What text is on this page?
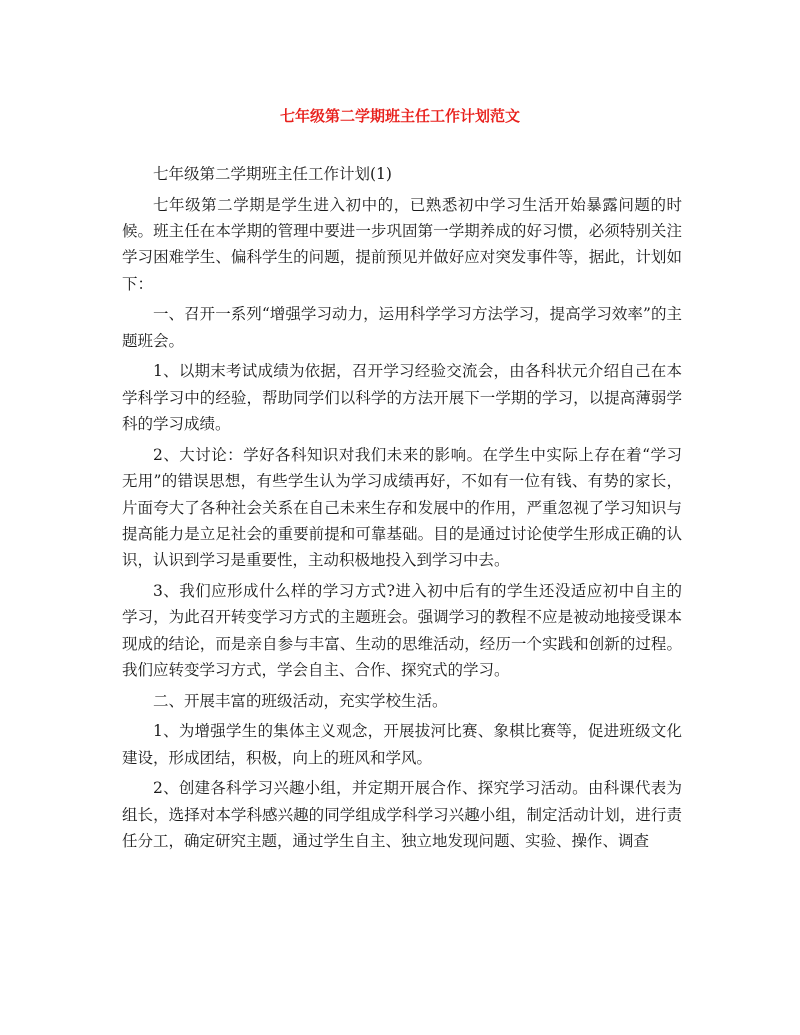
七年级第二学期班主任工作计划范文

七年级第二学期班主任工作计划(1)

七年级第二学期是学生进入初中的，已熟悉初中学习生活开始暴露问题的时候。班主任在本学期的管理中要进一步巩固第一学期养成的好习惯，必须特别关注学习困难学生、偏科学生的问题，提前预见并做好应对突发事件等，据此，计划如下：

一、召开一系列“增强学习动力，运用科学学习方法学习，提高学习效率”的主题班会。

1、以期末考试成绩为依据，召开学习经验交流会，由各科状元介绍自己在本学科学习中的经验，帮助同学们以科学的方法开展下一学期的学习，以提高薄弱学科的学习成绩。

2、大讨论：学好各科知识对我们未来的影响。在学生中实际上存在着“学习无用”的错误思想，有些学生认为学习成绩再好，不如有一位有钱、有势的家长，片面夸大了各种社会关系在自己未来生存和发展中的作用，严重忽视了学习知识与提高能力是立足社会的重要前提和可靠基础。目的是通过讨论使学生形成正确的认识，认识到学习是重要性，主动积极地投入到学习中去。

3、我们应形成什么样的学习方式?进入初中后有的学生还没适应初中自主的学习，为此召开转变学习方式的主题班会。强调学习的教程不应是被动地接受课本现成的结论，而是亲自参与丰富、生动的思维活动，经历一个实践和创新的过程。我们应转变学习方式，学会自主、合作、探究式的学习。

二、开展丰富的班级活动，充实学校生活。

1、为增强学生的集体主义观念，开展拔河比赛、象棋比赛等，促进班级文化建设，形成团结，积极，向上的班风和学风。

2、创建各科学习兴趣小组，并定期开展合作、探究学习活动。由科课代表为组长，选择对本学科感兴趣的同学组成学科学习兴趣小组，制定活动计划，进行责任分工，确定研究主题，通过学生自主、独立地发现问题、实验、操作、调查
